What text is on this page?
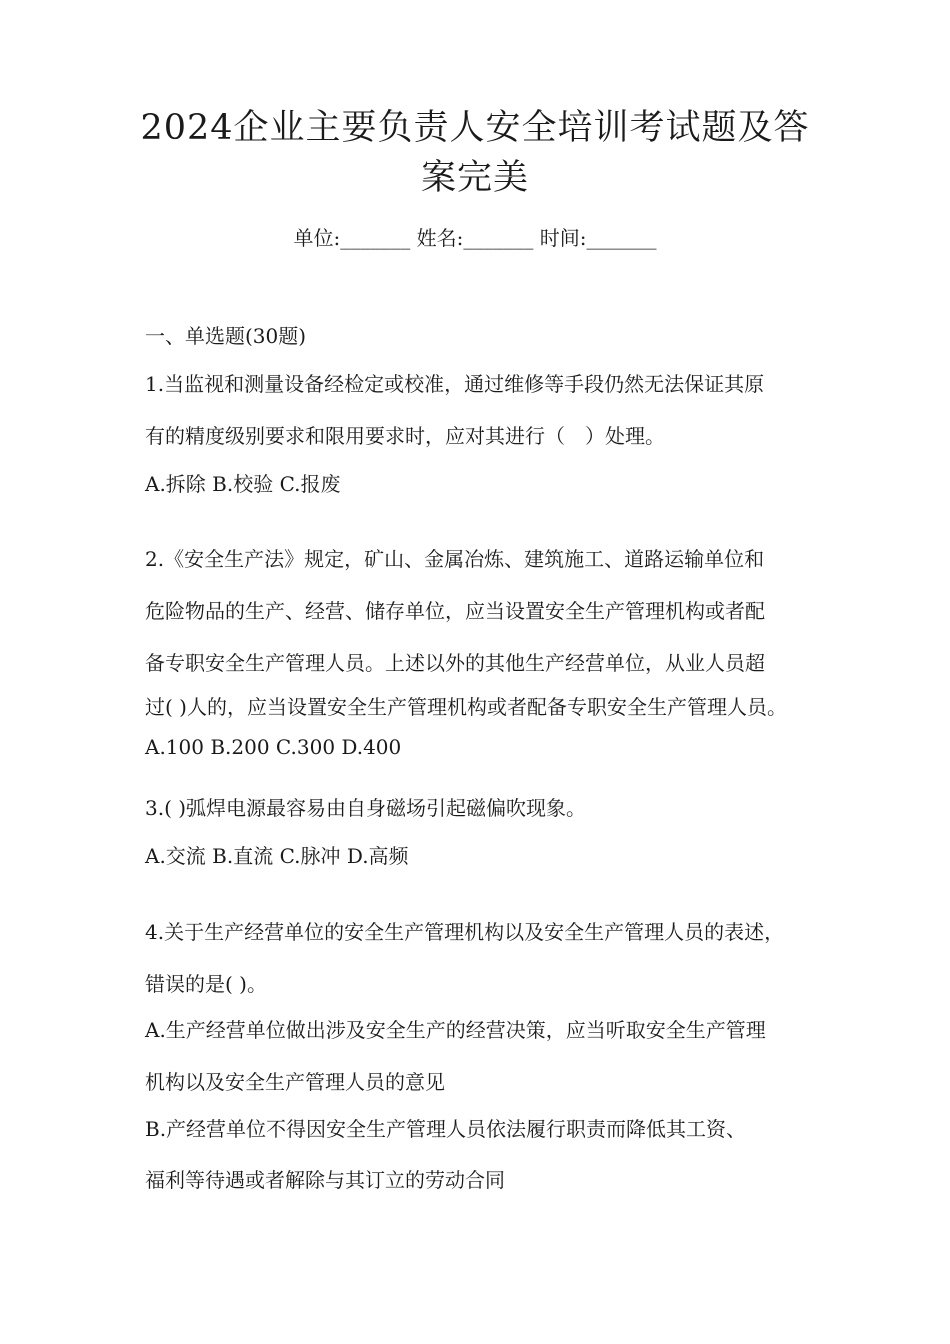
2024企业主要负责人安全培训考试题及答
案完美
单位:_______ 姓名:_______ 时间:_______
一、单选题(30题)
1.当监视和测量设备经检定或校准，通过维修等手段仍然无法保证其原
有的精度级别要求和限用要求时，应对其进行（　）处理。
A.拆除 B.校验 C.报废
2.《安全生产法》规定，矿山、金属冶炼、建筑施工、道路运输单位和
危险物品的生产、经营、储存单位，应当设置安全生产管理机构或者配
备专职安全生产管理人员。上述以外的其他生产经营单位，从业人员超
过( )人的，应当设置安全生产管理机构或者配备专职安全生产管理人员。
A.100 B.200 C.300 D.400
3.( )弧焊电源最容易由自身磁场引起磁偏吹现象。
A.交流 B.直流 C.脉冲 D.高频
4.关于生产经营单位的安全生产管理机构以及安全生产管理人员的表述，
错误的是( )。
A.生产经营单位做出涉及安全生产的经营决策，应当听取安全生产管理
机构以及安全生产管理人员的意见
B.产经营单位不得因安全生产管理人员依法履行职责而降低其工资、
福利等待遇或者解除与其订立的劳动合同
